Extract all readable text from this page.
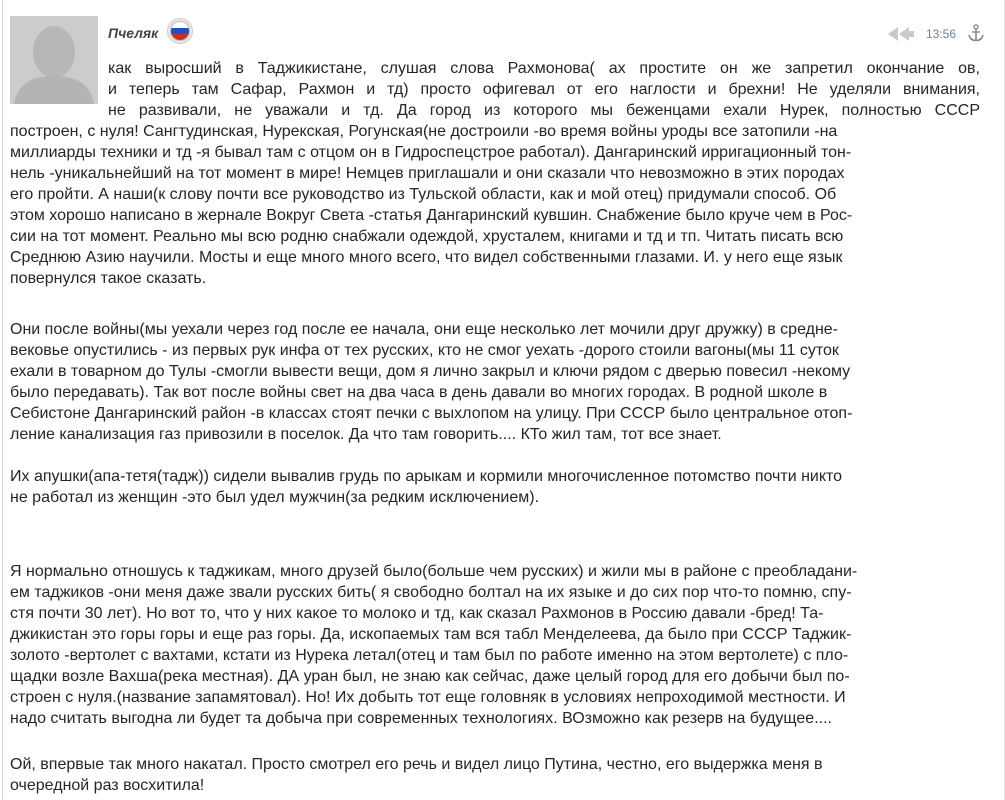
Пчеляк	13:56
как выросший в Таджикистане, слушая слова Рахмонова( ах простите он же запретил окончание ов,
и теперь там Сафар, Рахмон и тд) просто офигевал от его наглости и брехни! Не уделяли внимания,
не развивали, не уважали и тд. Да город из которого мы беженцами ехали Нурек, полностью СССР
построен, с нуля! Сангтудинская, Нурекская, Рогунская(не достроили -во время войны уроды все затопили -на
миллиарды техники и тд -я бывал там с отцом он в Гидроспецстрое работал). Дангаринский ирригационный тон-
нель -уникальнейший на тот момент в мире! Немцев приглашали и они сказали что невозможно в этих породах
его пройти. А наши(к слову почти все руководство из Тульской области, как и мой отец) придумали способ. Об
этом хорошо написано в жернале Вокруг Света -статья Дангаринский кувшин. Снабжение было круче чем в Рос-
сии на тот момент. Реально мы всю родню снабжали одеждой, хрусталем, книгами и тд и тп. Читать писать всю
Среднюю Азию научили. Мосты и еще много много всего, что видел собственными глазами. И. у него еще язык
повернулся такое сказать.
Они после войны(мы уехали через год после ее начала, они еще несколько лет мочили друг дружку) в средне-
вековье опустились - из первых рук инфа от тех русских, кто не смог уехать -дорого стоили вагоны(мы 11 суток
ехали в товарном до Тулы -смогли вывести вещи, дом я лично закрыл и ключи рядом с дверью повесил -некому
было передавать). Так вот после войны свет на два часа в день давали во многих городах. В родной школе в
Себистоне Дангаринский район -в классах стоят печки с выхлопом на улицу. При СССР было центральное отоп-
ление канализация газ привозили в поселок. Да что там говорить.... КТо жил там, тот все знает.
Их апушки(апа-тетя(тадж)) сидели вывалив грудь по арыкам и кормили многочисленное потомство почти никто
не работал из женщин -это был удел мужчин(за редким исключением).
Я нормально отношусь к таджикам, много друзей было(больше чем русских) и жили мы в районе с преобладани-
ем таджиков -они меня даже звали русских бить( я свободно болтал на их языке и до сих пор что-то помню, спу-
стя почти 30 лет). Но вот то, что у них какое то молоко и тд, как сказал Рахмонов в Россию давали -бред! Та-
джикистан это горы горы и еще раз горы. Да, ископаемых там вся табл Менделеева, да было при СССР Таджик-
золото -вертолет с вахтами, кстати из Нурека летал(отец и там был по работе именно на этом вертолете) с пло-
щадки возле Вахша(река местная). ДА уран был, не знаю как сейчас, даже целый город для его добычи был по-
строен с нуля.(название запамятовал). Но! Их добыть тот еще головняк в условиях непроходимой местности. И
надо считать выгодна ли будет та добыча при современных технологиях. ВОзможно как резерв на будущее....
Ой, впервые так много накатал. Просто смотрел его речь и видел лицо Путина, честно, его выдержка меня в
очередной раз восхитила!
